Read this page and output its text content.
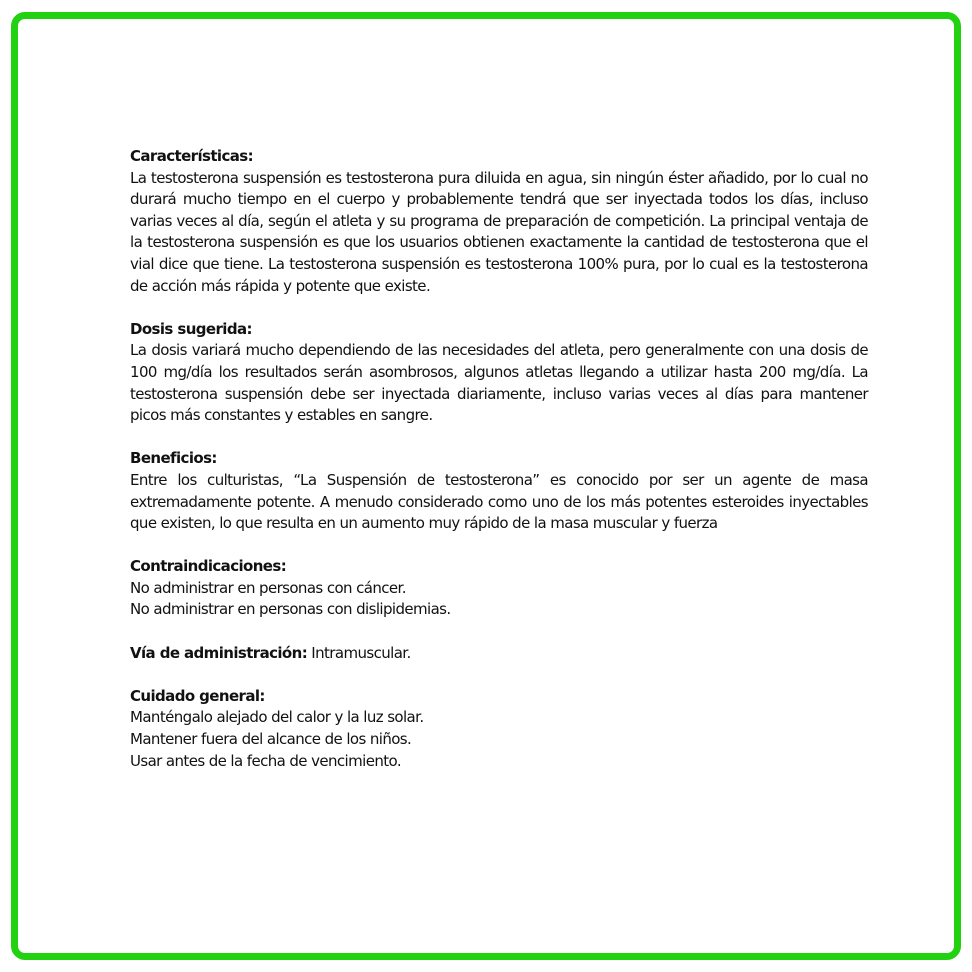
Características:

La testosterona suspensión es testosterona pura diluida en agua, sin ningún éster añadido, por lo cual no durará mucho tiempo en el cuerpo y probablemente tendrá que ser inyectada todos los días, incluso varias veces al día, según el atleta y su programa de preparación de competición. La principal ventaja de la testosterona suspensión es que los usuarios obtienen exactamente la cantidad de testosterona que el vial dice que tiene. La testosterona suspensión es testosterona 100% pura, por lo cual es la testosterona de acción más rápida y potente que existe.

Dosis sugerida:

La dosis variará mucho dependiendo de las necesidades del atleta, pero generalmente con una dosis de 100 mg/día los resultados serán asombrosos, algunos atletas llegando a utilizar hasta 200 mg/día. La testosterona suspensión debe ser inyectada diariamente, incluso varias veces al días para mantener picos más constantes y estables en sangre.

Beneficios:

Entre los culturistas, “La Suspensión de testosterona” es conocido por ser un agente de masa extremadamente potente. A menudo considerado como uno de los más potentes esteroides inyectables que existen, lo que resulta en un aumento muy rápido de la masa muscular y fuerza

Contraindicaciones:
No administrar en personas con cáncer.
No administrar en personas con dislipidemias.
Vía de administración: Intramuscular.
Cuidado general:
Manténgalo alejado del calor y la luz solar.
Mantener fuera del alcance de los niños.
Usar antes de la fecha de vencimiento.
